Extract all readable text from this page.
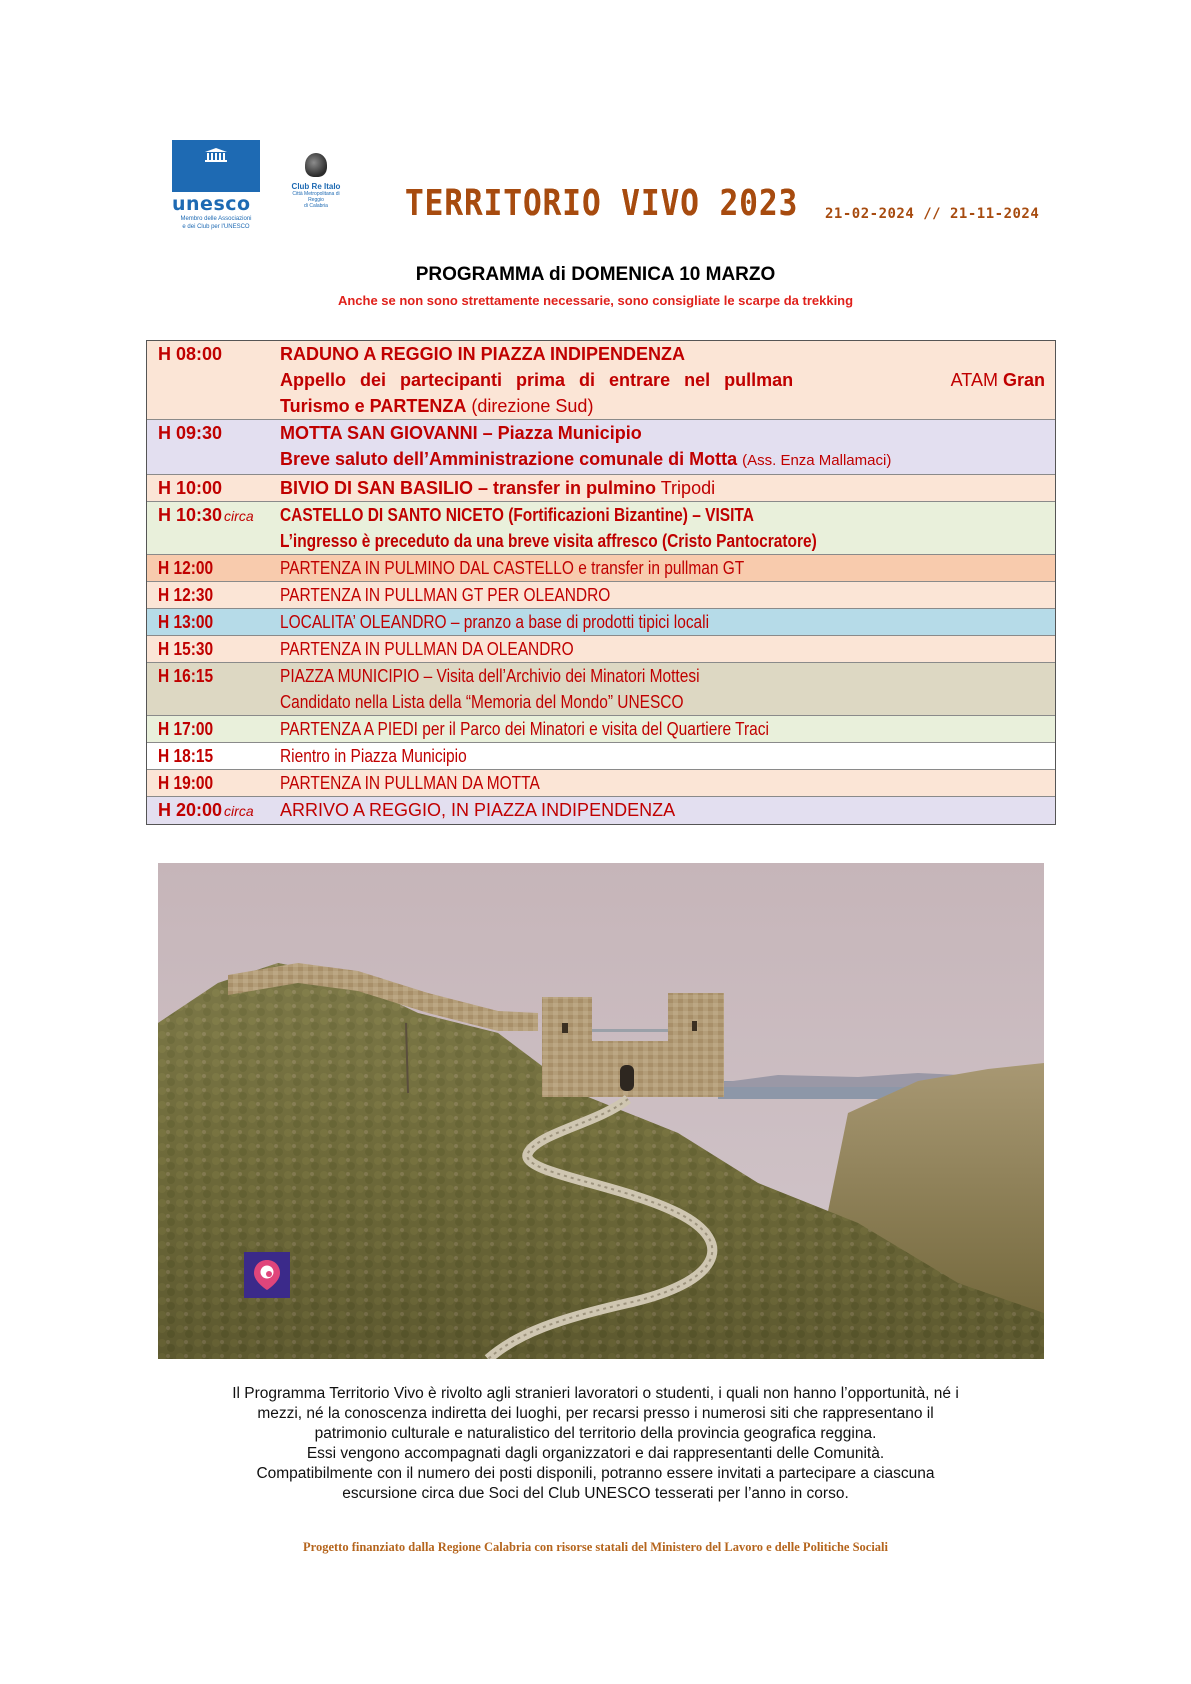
unesco
Membro delle Associazioni
e dei Club per l'UNESCO
Club Re Italo
Città Metropolitana di
Reggio
di Calabria	TERRITORIO VIVO 2023 21-02-2024 // 21-11-2024
PROGRAMMA di DOMENICA 10 MARZO
Anche se non sono strettamente necessarie, sono consigliate le scarpe da trekking
H 08:00	RADUNO A REGGIO IN PIAZZA INDIPENDENZA
Appello dei partecipanti prima di entrare nel pullman	ATAM Gran
Turismo e PARTENZA (direzione Sud)
H 09:30	MOTTA SAN GIOVANNI – Piazza Municipio
Breve saluto dell’Amministrazione comunale di Motta (Ass. Enza Mallamaci)
H 10:00	BIVIO DI SAN BASILIO – transfer in pulmino Tripodi
H 10:30 circa	CASTELLO DI SANTO NICETO (Fortificazioni Bizantine) – VISITA
L’ingresso è preceduto da una breve visita affresco (Cristo Pantocratore)
H 12:00	PARTENZA IN PULMINO DAL CASTELLO e transfer in pullman GT
H 12:30	PARTENZA IN PULLMAN GT PER OLEANDRO
H 13:00	LOCALITA’ OLEANDRO – pranzo a base di prodotti tipici locali
H 15:30	PARTENZA IN PULLMAN DA OLEANDRO
H 16:15	PIAZZA MUNICIPIO – Visita dell’Archivio dei Minatori Mottesi
Candidato nella Lista della “Memoria del Mondo” UNESCO
H 17:00	PARTENZA A PIEDI per il Parco dei Minatori e visita del Quartiere Traci
H 18:15	Rientro in Piazza Municipio
H 19:00	PARTENZA IN PULLMAN DA MOTTA
H 20:00 circa	ARRIVO A REGGIO, IN PIAZZA INDIPENDENZA
Il Programma Territorio Vivo è rivolto agli stranieri lavoratori o studenti, i quali non hanno l’opportunità, né i
mezzi, né la conoscenza indiretta dei luoghi, per recarsi presso i numerosi siti che rappresentano il
patrimonio culturale e naturalistico del territorio della provincia geografica reggina.
Essi vengono accompagnati dagli organizzatori e dai rappresentanti delle Comunità.
Compatibilmente con il numero dei posti disponili, potranno essere invitati a partecipare a ciascuna
escursione circa due Soci del Club UNESCO tesserati per l’anno in corso.
Progetto finanziato dalla Regione Calabria con risorse statali del Ministero del Lavoro e delle Politiche Sociali
